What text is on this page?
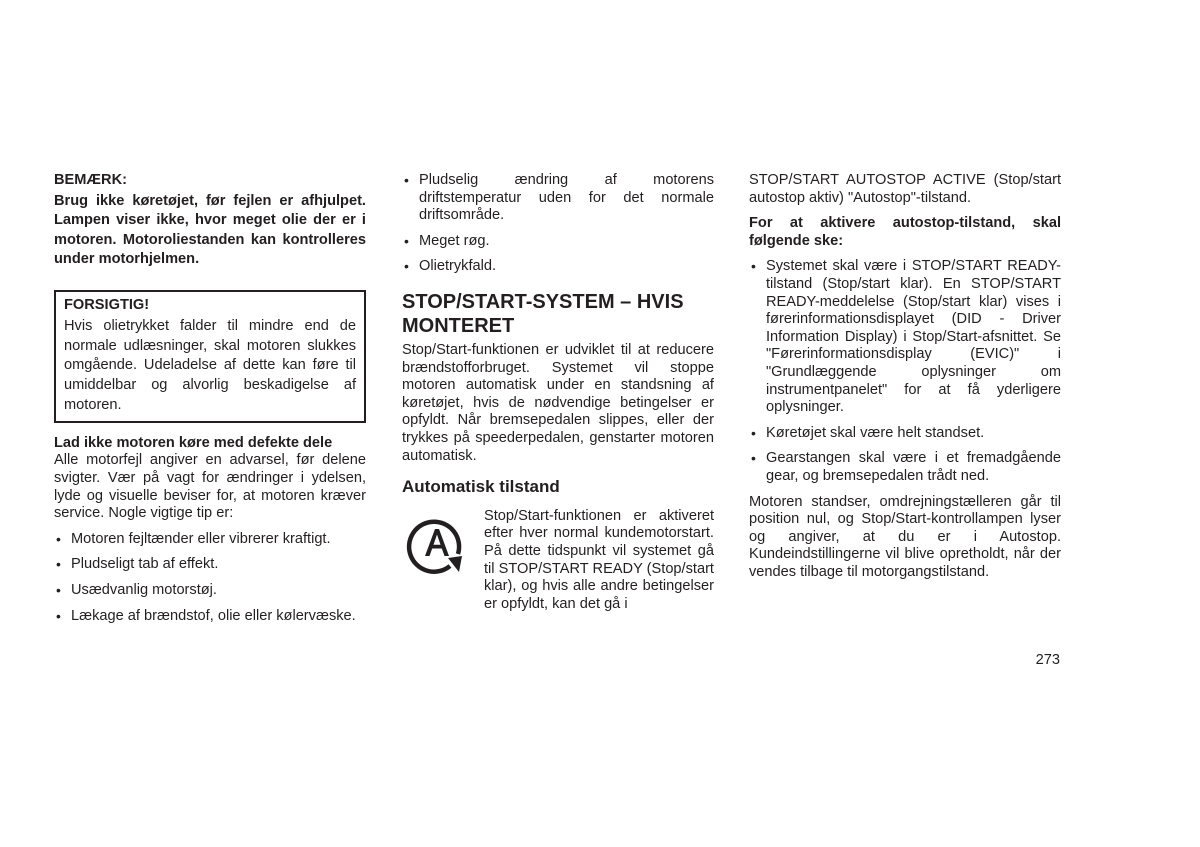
BEMÆRK:

Brug ikke køretøjet, før fejlen er afhjulpet. Lampen viser ikke, hvor meget olie der er i motoren. Motoroliestanden kan kontrolleres under motorhjelmen.

FORSIGTIG!

Hvis olietrykket falder til mindre end de normale udlæsninger, skal motoren slukkes omgående. Udeladelse af dette kan føre til umiddelbar og alvorlig beskadigelse af motoren.

Lad ikke motoren køre med defekte dele

Alle motorfejl angiver en advarsel, før delene svigter. Vær på vagt for ændringer i ydelsen, lyde og visuelle beviser for, at motoren kræver service. Nogle vigtige tip er:

• Motoren fejltænder eller vibrerer kraftigt.
• Pludseligt tab af effekt.
• Usædvanlig motorstøj.
• Lækage af brændstof, olie eller kølervæske.
• Pludselig ændring af motorens driftstemperatur uden for det normale driftsområde.
• Meget røg.
• Olietrykfald.
STOP/START-SYSTEM – HVIS MONTERET

Stop/Start-funktionen er udviklet til at reducere brændstofforbruget. Systemet vil stoppe motoren automatisk under en standsning af køretøjet, hvis de nødvendige betingelser er opfyldt. Når bremsepedalen slippes, eller der trykkes på speederpedalen, genstarter motoren automatisk.

Automatisk tilstand

Stop/Start-funktionen er aktiveret efter hver normal kundemotorstart. På dette tidspunkt vil systemet gå til STOP/START READY (Stop/start klar), og hvis alle andre betingelser er opfyldt, kan det gå i

STOP/START AUTOSTOP ACTIVE (Stop/start autostop aktiv) "Autostop"-tilstand.

For at aktivere autostop-tilstand, skal følgende ske:

• Systemet skal være i STOP/START READY-tilstand (Stop/start klar). En STOP/START READY-meddelelse (Stop/start klar) vises i førerinformationsdisplayet (DID - Driver Information Display) i Stop/Start-afsnittet. Se "Førerinformationsdisplay (EVIC)" i "Grundlæggende oplysninger om instrumentpanelet" for at få yderligere oplysninger.
• Køretøjet skal være helt standset.
• Gearstangen skal være i et fremadgående gear, og bremsepedalen trådt ned.

Motoren standser, omdrejningstælleren går til position nul, og Stop/Start-kontrollampen lyser og angiver, at du er i Autostop. Kundeindstillingerne vil blive opretholdt, når der vendes tilbage til motorgangstilstand.

273
